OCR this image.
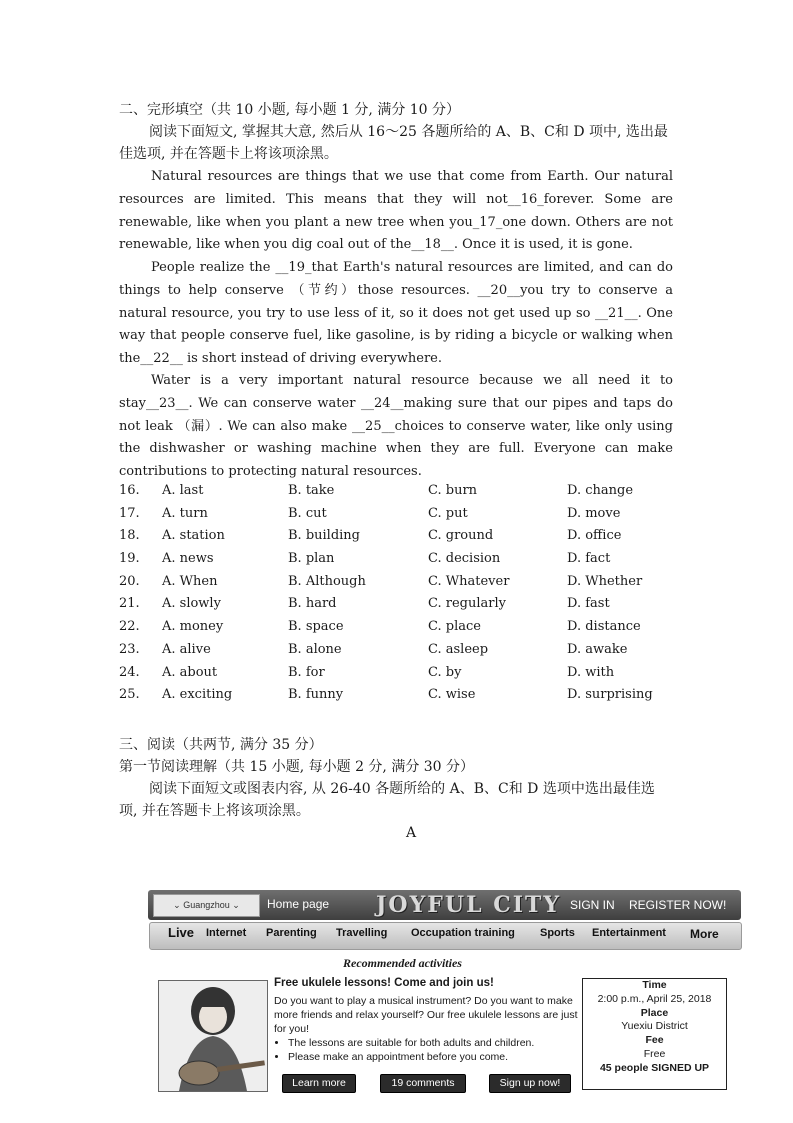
二、完形填空（共 10 小题, 每小题 1 分, 满分 10 分）
阅读下面短文, 掌握其大意, 然后从 16～25 各题所给的 A、B、C和 D 项中, 选出最佳选项, 并在答题卡上将该项涂黑。
Natural resources are things that we use that come from Earth. Our natural resources are limited. This means that they will not__16_forever. Some are renewable, like when you plant a new tree when you_17_one down. Others are not renewable, like when you dig coal out of the__18__. Once it is used, it is gone.
People realize the __19_that Earth's natural resources are limited, and can do things to help conserve （节约）those resources. __20__you try to conserve a natural resource, you try to use less of it, so it does not get used up so __21__. One way that people conserve fuel, like gasoline, is by riding a bicycle or walking when the__22__ is short instead of driving everywhere.
Water is a very important natural resource because we all need it to stay__23__. We can conserve water __24__making sure that our pipes and taps do not leak （漏）. We can also make __25__choices to conserve water, like only using the dishwasher or washing machine when they are full. Everyone can make contributions to protecting natural resources.
16. A. last	B. take	C. burn	D. change
17. A. turn	B. cut	C. put	D. move
18. A. station	B. building	C. ground	D. office
19. A. news	B. plan	C. decision	D. fact
20. A. When	B. Although	C. Whatever	D. Whether
21. A. slowly	B. hard	C. regularly	D. fast
22. A. money	B. space	C. place	D. distance
23. A. alive	B. alone	C. asleep	D. awake
24. A. about	B. for	C. by	D. with
25. A. exciting	B. funny	C. wise	D. surprising
三、阅读（共两节, 满分 35 分）
第一节阅读理解（共 15 小题, 每小题 2 分, 满分 30 分）
阅读下面短文或图表内容, 从 26-40 各题所给的 A、B、C和 D 选项中选出最佳选项, 并在答题卡上将该项涂黑。
A
⌄ Guangzhou ⌄	Home page JOYFUL CITY SIGN IN REGISTER NOW!
Live Internet Parenting Travelling Occupation training Sports Entertainment More
Recommended activities
Free ukulele lessons! Come and join us!
Do you want to play a musical instrument? Do you want to make more friends and relax yourself? Our free ukulele lessons are just for you!
• The lessons are suitable for both adults and children.
• Please make an appointment before you come.
Learn more	19 comments	Sign up now!
Time
2:00 p.m., April 25, 2018
Place
Yuexiu District
Fee
Free
45 people SIGNED UP
